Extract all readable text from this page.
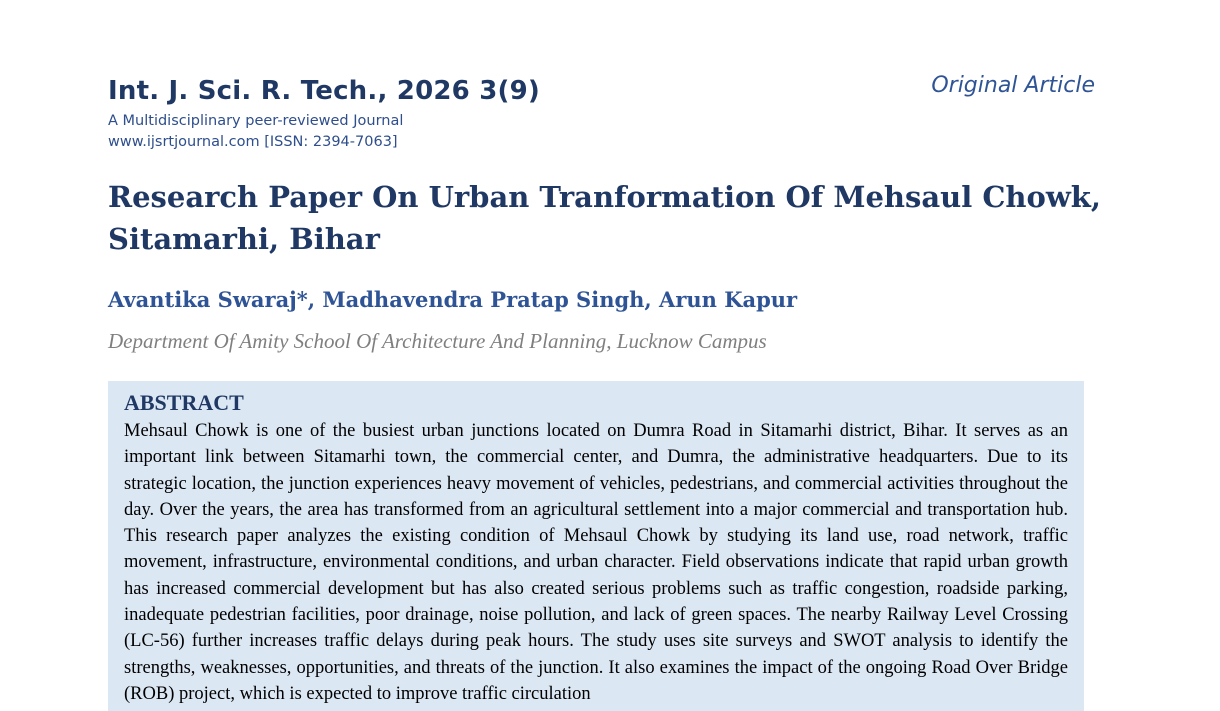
Int. J. Sci. R. Tech., 2026 3(9)
A Multidisciplinary peer-reviewed Journal
www.ijsrtjournal.com [ISSN: 2394-7063]
Original Article
Research Paper On Urban Tranformation Of Mehsaul Chowk, Sitamarhi, Bihar
Avantika Swaraj*, Madhavendra Pratap Singh, Arun Kapur
Department Of Amity School Of Architecture And Planning, Lucknow Campus
ABSTRACT

Mehsaul Chowk is one of the busiest urban junctions located on Dumra Road in Sitamarhi district, Bihar. It serves as an important link between Sitamarhi town, the commercial center, and Dumra, the administrative headquarters. Due to its strategic location, the junction experiences heavy movement of vehicles, pedestrians, and commercial activities throughout the day. Over the years, the area has transformed from an agricultural settlement into a major commercial and transportation hub. This research paper analyzes the existing condition of Mehsaul Chowk by studying its land use, road network, traffic movement, infrastructure, environmental conditions, and urban character. Field observations indicate that rapid urban growth has increased commercial development but has also created serious problems such as traffic congestion, roadside parking, inadequate pedestrian facilities, poor drainage, noise pollution, and lack of green spaces. The nearby Railway Level Crossing (LC-56) further increases traffic delays during peak hours. The study uses site surveys and SWOT analysis to identify the strengths, weaknesses, opportunities, and threats of the junction. It also examines the impact of the ongoing Road Over Bridge (ROB) project, which is expected to improve traffic circulation
